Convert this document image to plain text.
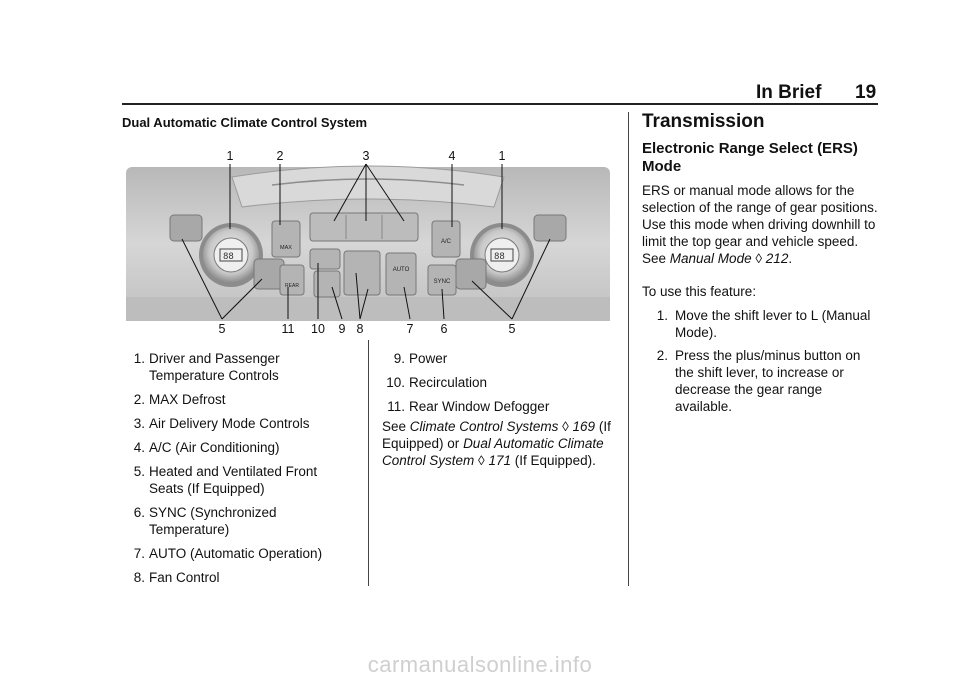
In Brief 19
Dual Automatic Climate Control System
88	88
MAX
REAR
AUTO
A/C
SYNC
1	2	3	4	1
5	11 10 9 8	7 6	5
1. Driver and Passenger Temperature Controls
2. MAX Defrost
3. Air Delivery Mode Controls
4. A/C (Air Conditioning)
5. Heated and Ventilated Front Seats (If Equipped)
6. SYNC (Synchronized Temperature)
7. AUTO (Automatic Operation)
8. Fan Control
9. Power
10. Recirculation
11. Rear Window Defogger
See Climate Control Systems ◊ 169 (If Equipped) or Dual Automatic Climate Control System ◊ 171 (If Equipped).
Transmission
Electronic Range Select (ERS) Mode
ERS or manual mode allows for the selection of the range of gear positions. Use this mode when driving downhill to limit the top gear and vehicle speed. See Manual Mode ◊ 212.
To use this feature:
1. Move the shift lever to L (Manual Mode).
2. Press the plus/minus button on the shift lever, to increase or decrease the gear range available.
carmanualsonline.info
